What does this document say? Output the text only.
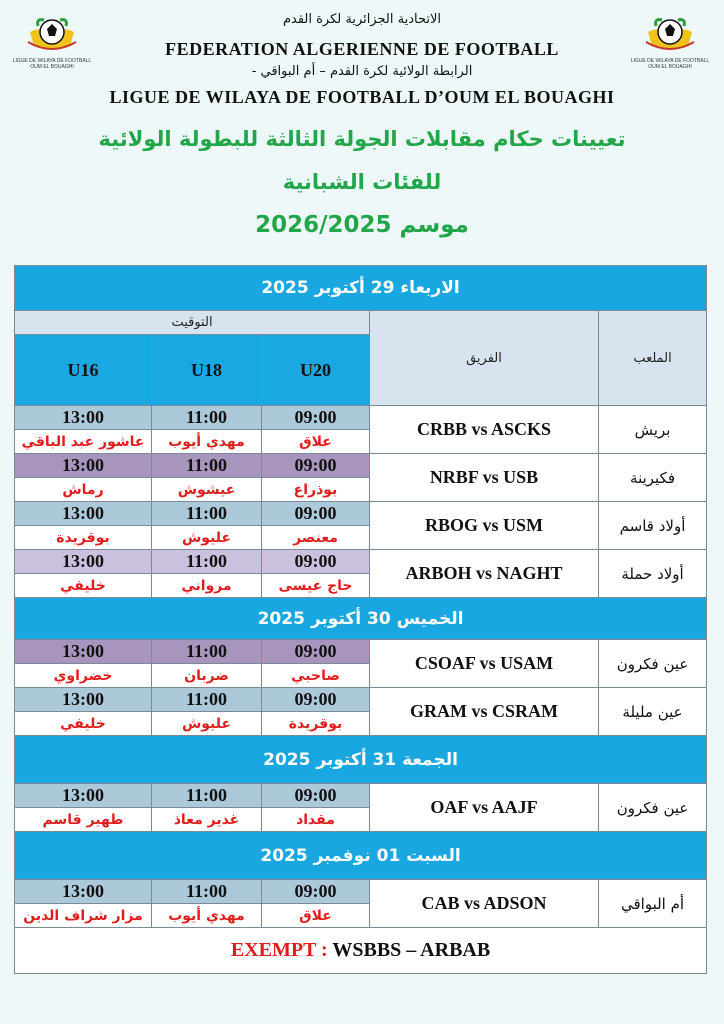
LIGUE DE WILAYA DE FOOTBALL
OUM EL BOUAGHI
LIGUE DE WILAYA DE FOOTBALL
OUM EL BOUAGHI
الاتحادية الجزائرية لكرة القدم
FEDERATION ALGERIENNE DE FOOTBALL
الرابطة الولائية لكرة القدم – أم البواقي -
LIGUE DE WILAYA DE FOOTBALL D’OUM EL BOUAGHI
تعيينات حكام مقابلات الجولة الثالثة للبطولة الولائية
للفئات الشبانية
موسم 2026/2025
الاربعاء 29 أكتوبر 2025				
التوقيت			الفريق	الملعب
U16	U18	U20		
13:00	11:00	09:00	CRBB vs ASCKS	بريش
عاشور عبد الباقي	مهدي أيوب	علاق		
13:00	11:00	09:00	NRBF vs USB	فكيرينة
رماش	عيشوش	بوذراع		
13:00	11:00	09:00	RBOG vs USM	أولاد قاسم
بوقريدة	عليوش	معنصر		
13:00	11:00	09:00	ARBOH vs NAGHT	أولاد حملة
خليفي	مرواني	حاج عيسى		
الخميس 30 أكتوبر 2025				
13:00	11:00	09:00	CSOAF vs USAM	عين فكرون
خضراوي	ضربان	صاحبي		
13:00	11:00	09:00	GRAM vs CSRAM	عين مليلة
خليفي	عليوش	بوقريدة		
الجمعة 31 أكتوبر 2025				
13:00	11:00	09:00	OAF vs AAJF	عين فكرون
طهير قاسم	غدير معاذ	مقداد		
السبت 01 نوفمبر 2025				
13:00	11:00	09:00	CAB vs ADSON	أم البواقي
مزار شراف الدين	مهدي أيوب	علاق		
EXEMPT : WSBBS – ARBAB				
